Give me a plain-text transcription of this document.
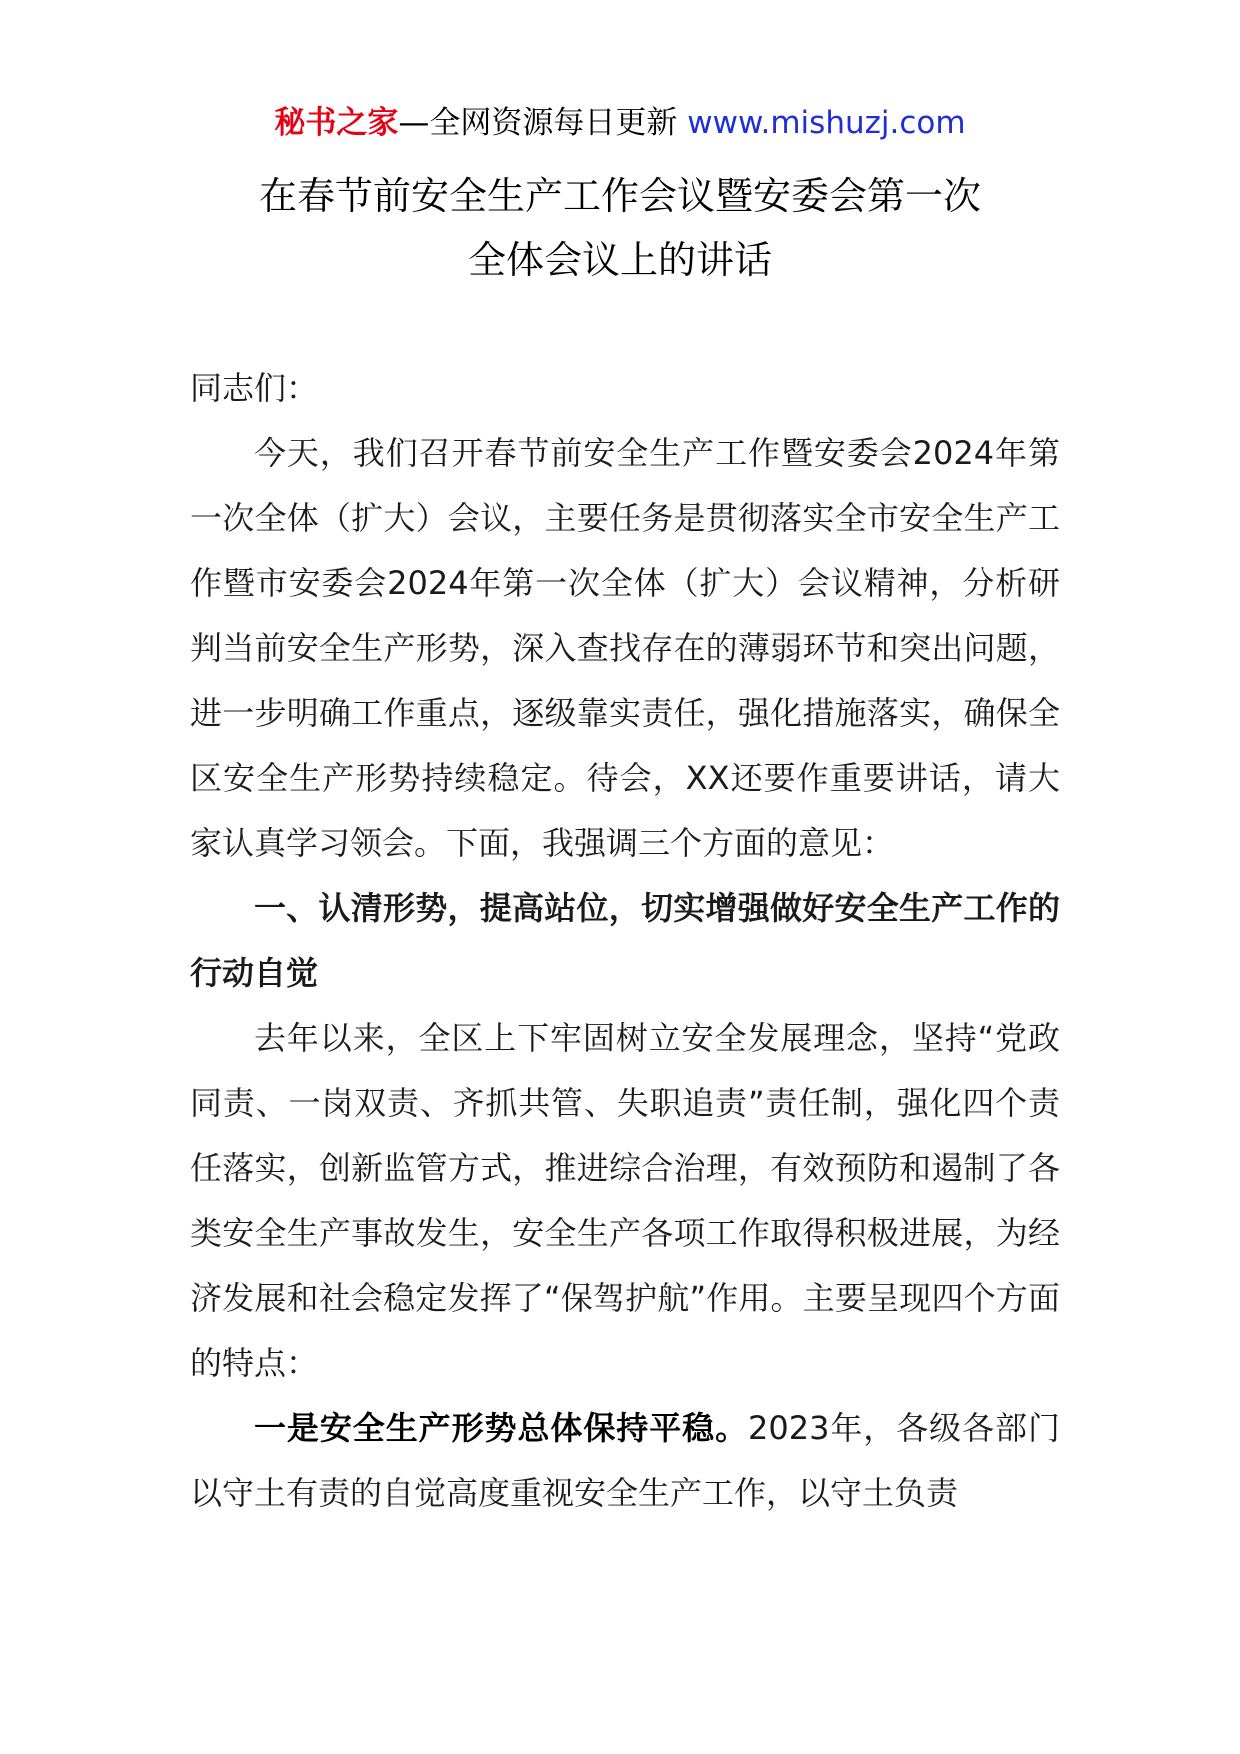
秘书之家—全网资源每日更新 www.mishuzj.com
在春节前安全生产工作会议暨安委会第一次
全体会议上的讲话

同志们：

今天，我们召开春节前安全生产工作暨安委会2024年第一次全体（扩大）会议，主要任务是贯彻落实全市安全生产工作暨市安委会2024年第一次全体（扩大）会议精神，分析研判当前安全生产形势，深入查找存在的薄弱环节和突出问题，进一步明确工作重点，逐级靠实责任，强化措施落实，确保全区安全生产形势持续稳定。待会，XX还要作重要讲话，请大家认真学习领会。下面，我强调三个方面的意见：

一、认清形势，提高站位，切实增强做好安全生产工作的行动自觉

去年以来，全区上下牢固树立安全发展理念，坚持“党政同责、一岗双责、齐抓共管、失职追责”责任制，强化四个责任落实，创新监管方式，推进综合治理，有效预防和遏制了各类安全生产事故发生，安全生产各项工作取得积极进展，为经济发展和社会稳定发挥了“保驾护航”作用。主要呈现四个方面的特点：

一是安全生产形势总体保持平稳。2023年，各级各部门以守土有责的自觉高度重视安全生产工作，以守土负责
